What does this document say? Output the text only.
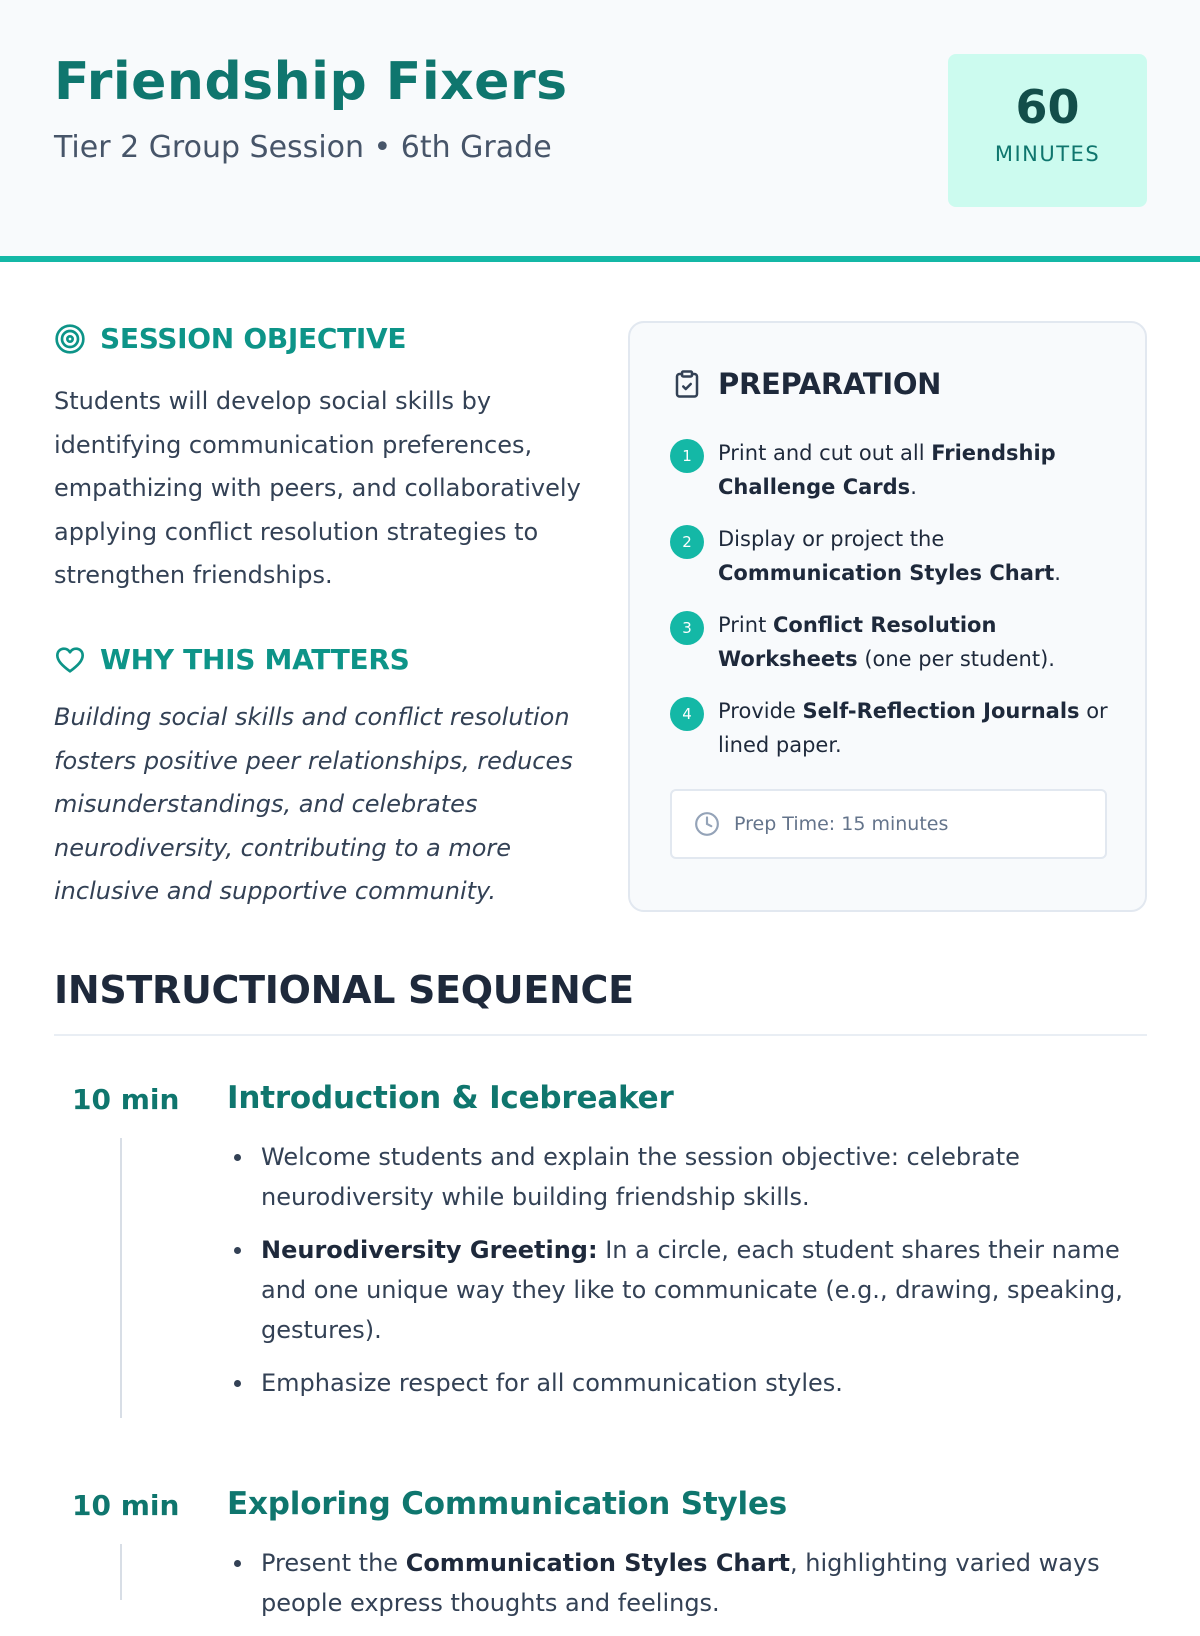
Friendship Fixers
Tier 2 Group Session • 6th Grade
60
MINUTES
SESSION OBJECTIVE

Students will develop social skills by identifying communication preferences, empathizing with peers, and collaboratively applying conflict resolution strategies to strengthen friendships.

WHY THIS MATTERS

Building social skills and conflict resolution fosters positive peer relationships, reduces misunderstandings, and celebrates neurodiversity, contributing to a more inclusive and supportive community.

PREPARATION
1	Print and cut out all Friendship Challenge Cards.
2	Display or project the Communication Styles Chart.
3	Print Conflict Resolution Worksheets (one per student).
4	Provide Self-Reflection Journals or lined paper.
Prep Time: 15 minutes
INSTRUCTIONAL SEQUENCE
10 min Introduction & Icebreaker
Welcome students and explain the session objective: celebrate neurodiversity while building friendship skills.
Neurodiversity Greeting: In a circle, each student shares their name and one unique way they like to communicate (e.g., drawing, speaking, gestures).
Emphasize respect for all communication styles.
10 min Exploring Communication Styles
Present the Communication Styles Chart, highlighting varied ways people express thoughts and feelings.
